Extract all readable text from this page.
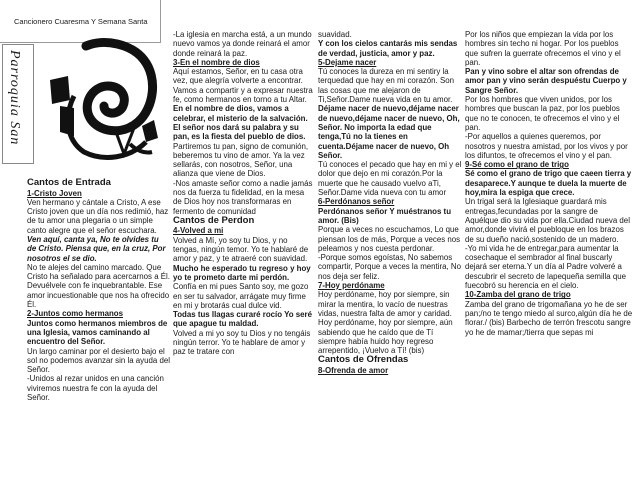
Cancionero Cuaresma Y Semana Santa
Parroquia San

Cantos de Entrada

1-Cristo Joven

Ven hermano y cántale a Cristo, A ese Cristo joven que un día nos redimió, haz de tu amor una plegaria o un simple canto alegre que el señor escuchara.

Ven aquí, canta ya, No te olvides tu de Cristo. Piensa que, en la cruz, Por nosotros el se dio.

No te alejes del camino marcado. Que Cristo ha señalado para acercarnos a Él. Devuélvele con fe inquebrantable. Ese amor incuestionable que nos ha ofrecido Él.

2-Juntos como hermanos

Juntos como hermanos miembros de una Iglesia, vamos caminando al encuentro del Señor.

Un largo caminar por el desierto bajo el sol no podemos avanzar sin la ayuda del Señor.

-Unidos al rezar unidos en una canción viviremos nuestra fe con la ayuda del Señor.

-La iglesia en marcha está, a un mundo nuevo vamos ya donde reinará el amor donde reinará la paz.

3-En el nombre de dios

Aquí estamos, Señor, en tu casa otra vez, que alegría volverte a encontrar. Vamos a compartir y a expresar nuestra fe, como hermanos en torno a tu Altar.

En el nombre de dios, vamos a celebrar, el misterio de la salvación. El señor nos dará su palabra y su pan, es la fiesta del pueblo de dios.

Partiremos tu pan, signo de comunión, beberemos tu vino de amor. Ya la vez sellarás, con nosotros, Señor, una alianza que viene de Dios.

-Nos amaste señor como a nadie jamás nos da fuerza tu fidelidad, en la mesa de Dios hoy nos transformaras en fermento de comunidad

Cantos de Perdon

4-Volved a mi

Volved a Mí, yo soy tu Dios, y no tengas, ningún temor. Yo te hablaré de amor y paz, y te atraeré con suavidad.

Mucho he esperado tu regreso y hoy yo te prometo darte mi perdón.

Confía en mi pues Santo soy, me gozo en ser tu salvador, arrágate muy firme en mi y brotarás cual dulce vid.

Todas tus llagas curaré rocío Yo seré que apague tu maldad.

Volved a mi yo soy tu Dios y no tengáis ningún terror. Yo te hablare de amor y paz te tratare con

suavidad.

Y con los cielos cantarás mis sendas de verdad, justicia, amor y paz.

5-Dejame nacer

Tú conoces la dureza en mi sentiry la terquedad que hay en mi corazón. Son las cosas que me alejaron de Ti,Señor.Dame nueva vida en tu amor.

Déjame nacer de nuevo,déjame nacer de nuevo,déjame nacer de nuevo, Oh, Señor. No importa la edad que tenga,Tú no la tienes en cuenta.Déjame nacer de nuevo, Oh Señor.

Tú conoces el pecado que hay en mi y el dolor que dejo en mi corazón.Por la muerte que he causado vuelvo aTi, Señor.Dame vida nueva con tu amor

6-Perdónanos señor

Perdónanos señor Y muéstranos tu amor. (Bis)

Porque a veces no escuchamos, Lo que piensan los de más, Porque a veces nos peleamos y nos cuesta perdonar.

-Porque somos egoístas, No sabemos compartir, Porque a veces la mentira, No nos deja ser feliz.

7-Hoy perdóname

Hoy perdóname, hoy por siempre, sin mirar la mentira, lo vacío de nuestras vidas, nuestra falta de amor y caridad.

Hoy perdóname, hoy por siempre, aún sabiendo que he caído que de Tí siempre había huido hoy regreso arrepentido, ¡Vuelvo a Tí! (bis)

Cantos de Ofrendas

8-Ofrenda de amor

Por los niños que empiezan la vida por los hombres sin techo ni hogar. Por los pueblos que sufren la guerrate ofrecemos el vino y el pan.

Pan y vino sobre el altar son ofrendas de amor pan y vino serán despuéstu Cuerpo y Sangre Señor.

Por los hombres que viven unidos, por los hombres que buscan la paz, por los pueblos que no te conocen, te ofrecemos el vino y el pan.

-Por aquellos a quienes queremos, por nosotros y nuestra amistad, por los vivos y por los difuntos, te ofrecemos el vino y el pan.

9-Sé como el grano de trigo

Sé como el grano de trigo que caeen tierra y desaparece.Y aunque te duela la muerte de hoy,mira la espiga que crece.

Un trigal será la Iglesiaque guardará mis entregas,fecundadas por la sangre de Aquélque dio su vida por ella.Ciudad nueva del amor,donde vivirá el puebloque en los brazos de su dueño nació,sostenido de un madero.

-Yo mi vida he de entregar,para aumentar la cosechaque el sembrador al final buscarly dejará ser eterna.Y un día al Padre volveré a descubrir el secreto de lapequeña semilla que fuecobró su herencia en el cielo.

10-Zamba del grano de trigo

Zamba del grano de trigomañana yo he de ser pan;/no te tengo miedo al surco,algún día he de florar./ (bis) Barbecho de terrón frescotu sangre yo he de mamar;/tierra que sepas mi
